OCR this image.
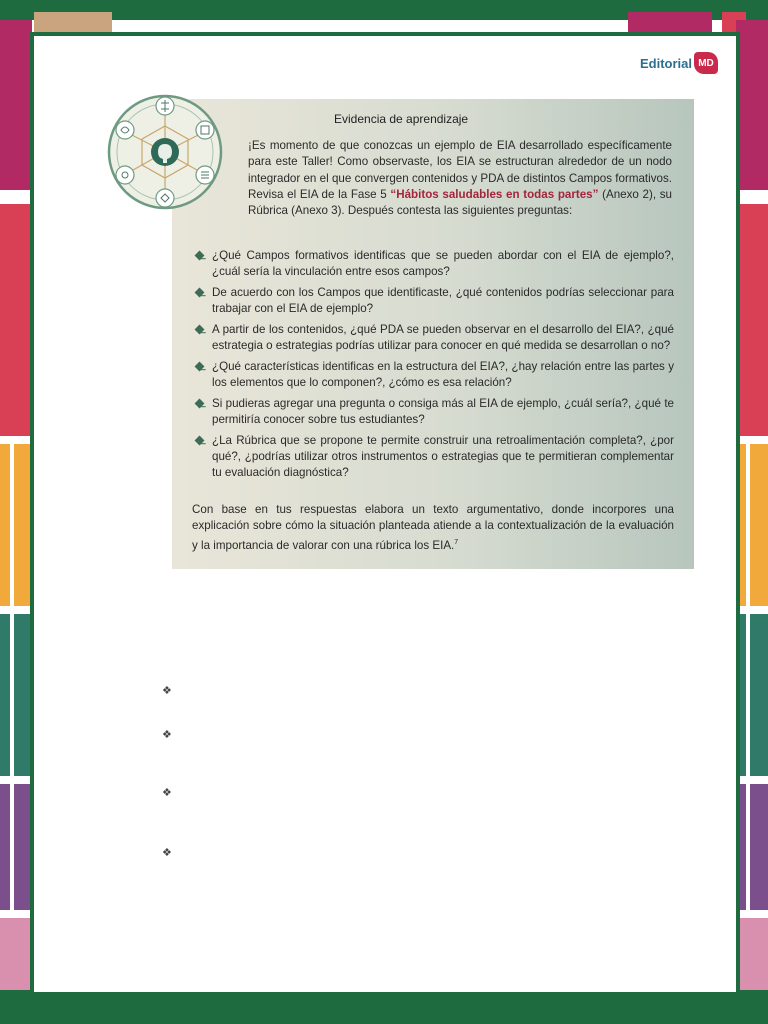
Editorial MD
Evidencia de aprendizaje
¡Es momento de que conozcas un ejemplo de EIA desarrollado específicamente para este Taller! Como observaste, los EIA se estructuran alrededor de un nodo integrador en el que convergen contenidos y PDA de distintos Campos formativos. Revisa el EIA de la Fase 5 “Hábitos saludables en todas partes” (Anexo 2), su Rúbrica (Anexo 3). Después contesta las siguientes preguntas:
¿Qué Campos formativos identificas que se pueden abordar con el EIA de ejemplo?, ¿cuál sería la vinculación entre esos campos?
De acuerdo con los Campos que identificaste, ¿qué contenidos podrías seleccionar para trabajar con el EIA de ejemplo?
A partir de los contenidos, ¿qué PDA se pueden observar en el desarrollo del EIA?, ¿qué estrategia o estrategias podrías utilizar para conocer en qué medida se desarrollan o no?
¿Qué características identificas en la estructura del EIA?, ¿hay relación entre las partes y los elementos que lo componen?, ¿cómo es esa relación?
Si pudieras agregar una pregunta o consiga más al EIA de ejemplo, ¿cuál sería?, ¿qué te permitiría conocer sobre tus estudiantes?
¿La Rúbrica que se propone te permite construir una retroalimentación completa?, ¿por qué?, ¿podrías utilizar otros instrumentos o estrategias que te permitieran complementar tu evaluación diagnóstica?
Con base en tus respuestas elabora un texto argumentativo, donde incorpores una explicación sobre cómo la situación planteada atiende a la contextualización de la evaluación y la importancia de valorar con una rúbrica los EIA.$^7$
❖
❖
❖
❖
